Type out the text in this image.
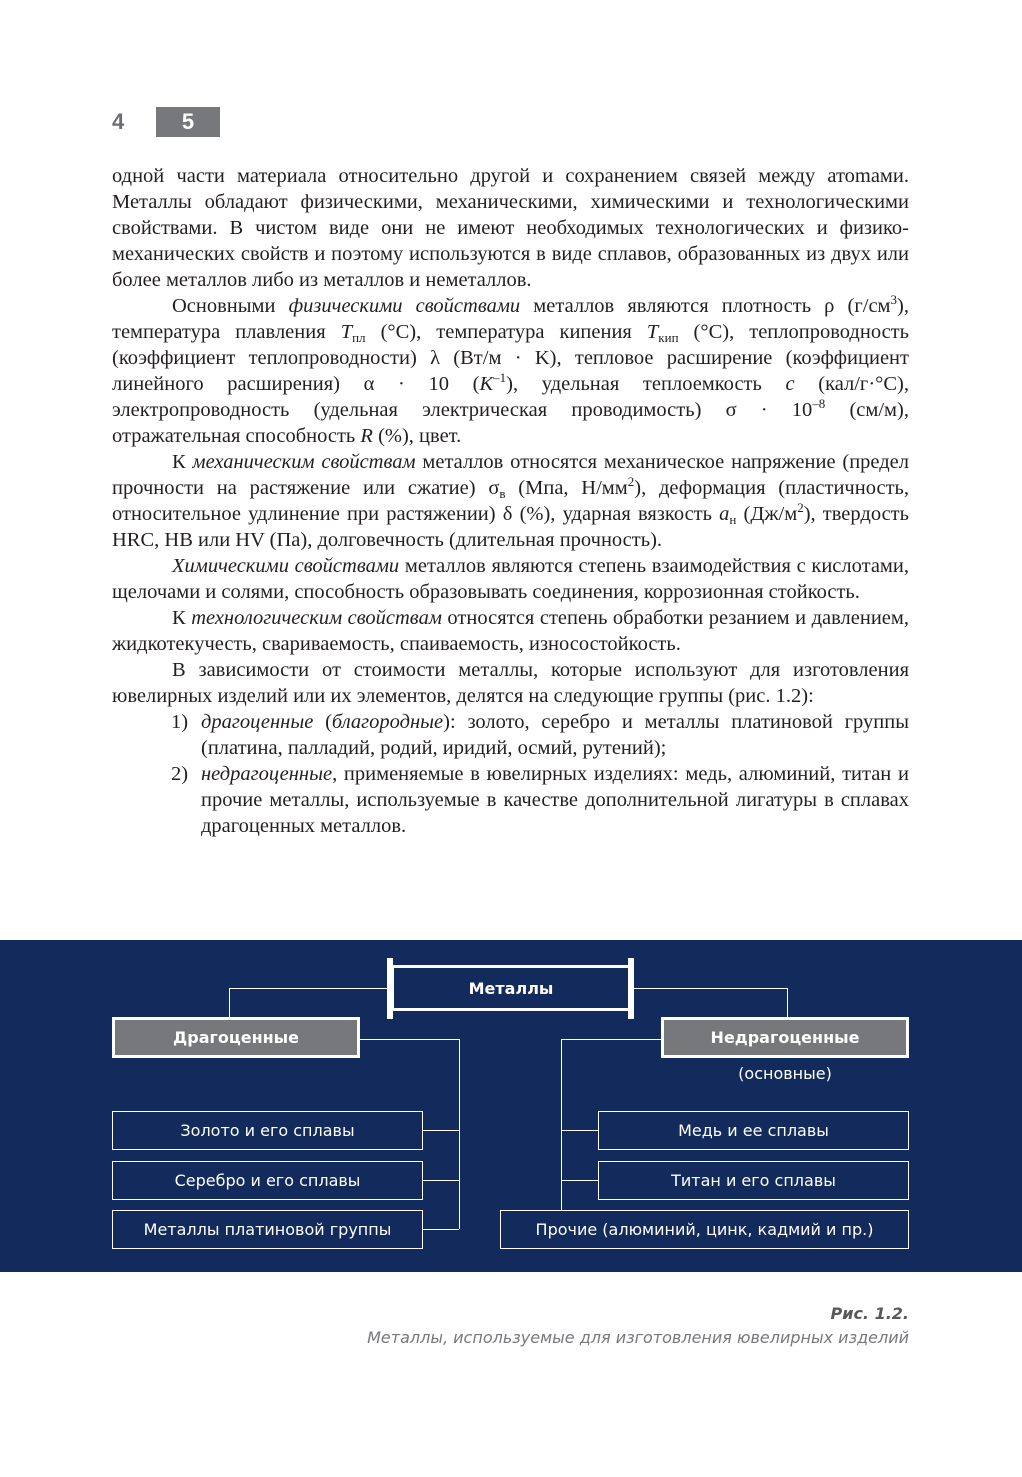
4	5

одной части материала относительно другой и сохранением связей между атоmами. Металлы обладают физическими, механическими, химическими и технологическими свойствами. В чистом виде они не имеют необходимых технологических и физико-механических свойств и поэтому используются в виде сплавов, образованных из двух или более металлов либо из металлов и неметаллов.

Основными физическими свойствами металлов являются плотность ρ $(г/см^3)$, температура плавления $T_{пл}$ (°С), температура кипения $T_{кип}$ (°С), теплопроводность (коэффициент теплопроводности) λ (Вт/м · K), тепловое расширение (коэффициент линейного расширения) α · 10 $(K^{-1})$, удельная теплоемкость c (кал/г·°С), электропроводность (удельная электрическая проводимость) $\sigma \cdot 10^{-8}$ (см/м), отражательная способность R (%), цвет.

К механическим свойствам металлов относятся механическое напряжение (предел прочности на растяжение или сжатие) $\sigma_в$ (Мпа, $Н/мм^2$), деформация (пластичность, относительное удлинение при растяжении) δ (%), ударная вязкость $a_н$ $(Дж/м^2)$, твердость HRC, HB или HV (Па), долговечность (длительная прочность).

Химическими свойствами металлов являются степень взаимодействия с кислотами, щелочами и солями, способность образовывать соединения, коррозионная стойкость.

К технологическим свойствам относятся степень обработки резанием и давлением, жидкотекучесть, свариваемость, спаиваемость, износостойкость.

В зависимости от стоимости металлы, которые используют для изготовления ювелирных изделий или их элементов, делятся на следующие группы (рис. 1.2):

1) драгоценные (благородные): золото, серебро и металлы платиновой группы (платина, палладий, родий, иридий, осмий, рутений);
2) недрагоценные, применяемые в ювелирных изделиях: медь, алюминий, титан и прочие металлы, используемые в качестве дополнительной лигатуры в сплавах драгоценных металлов.
Металлы
Драгоценные	Недрагоценные
(основные)
Золото и его сплавы
Серебро и его сплавы
Металлы платиновой группы
Медь и ее сплавы
Титан и его сплавы
Прочие (алюминий, цинк, кадмий и пр.)
Рис. 1.2.
Металлы, используемые для изготовления ювелирных изделий
